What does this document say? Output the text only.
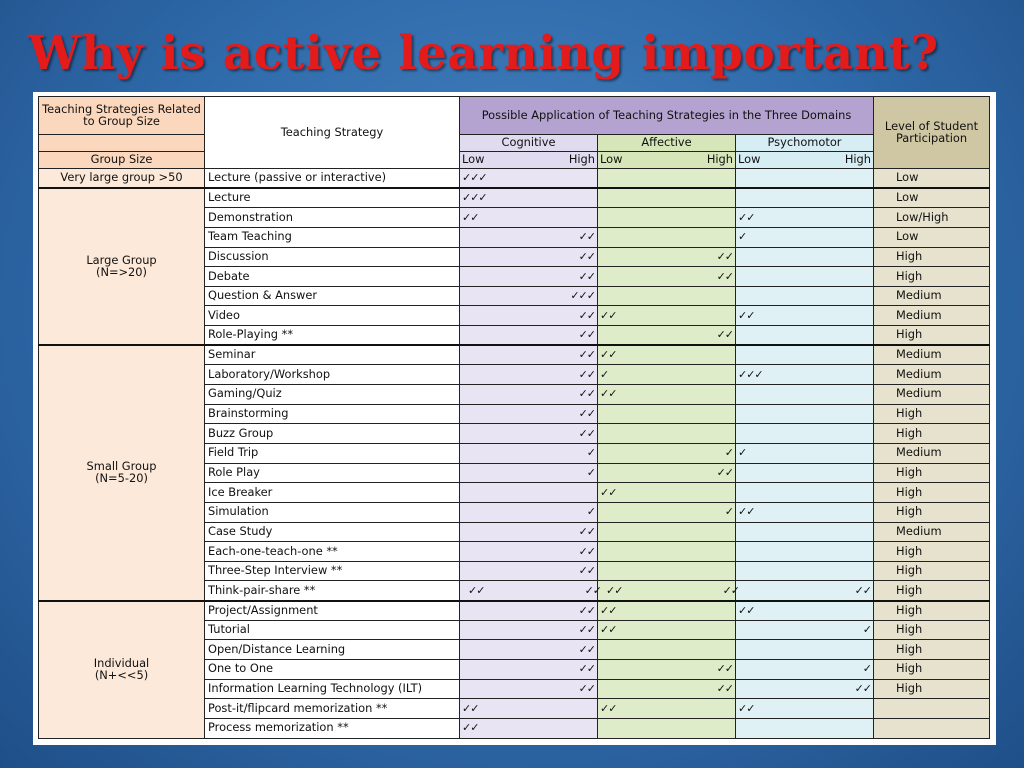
Why is active learning important?
Teaching Strategies Related to Group Size	Teaching Strategy	Possible Application of Teaching Strategies in the Three Domains			Level of Student Participation
		Cognitive	Affective	Psychomotor	
Group Size		Low High	Low High	Low High	

Very large group >50	Lecture (passive or interactive)	✓✓✓			Low

Large Group
(N=>20)	Lecture	✓✓✓			Low
	Demonstration	✓✓		✓✓	Low/High
	Team Teaching	✓✓		✓	Low
	Discussion	✓✓	✓✓		High
	Debate	✓✓	✓✓		High
	Question & Answer	✓✓✓			Medium
	Video	✓✓	✓✓	✓✓	Medium
	Role-Playing **	✓✓	✓✓		High

Small Group
(N=5-20)	Seminar	✓✓	✓✓		Medium
	Laboratory/Workshop	✓✓	✓	✓✓✓	Medium
	Gaming/Quiz	✓✓	✓✓		Medium
	Brainstorming	✓✓			High
	Buzz Group	✓✓			High
	Field Trip	✓	✓	✓	Medium
	Role Play	✓	✓✓		High
	Ice Breaker		✓✓		High
	Simulation	✓	✓	✓✓	High
	Case Study	✓✓			Medium
	Each-one-teach-one **	✓✓			High
	Three-Step Interview **	✓✓			High
	Think-pair-share **	✓✓ ✓✓	✓✓ ✓✓	✓✓	High

Individual
(N+<<5)	Project/Assignment	✓✓	✓✓	✓✓	High
	Tutorial	✓✓	✓✓	✓	High
	Open/Distance Learning	✓✓			High
	One to One	✓✓	✓✓	✓	High
	Information Learning Technology (ILT)	✓✓	✓✓	✓✓	High
	Post-it/flipcard memorization **	✓✓	✓✓	✓✓	
	Process memorization **	✓✓			
